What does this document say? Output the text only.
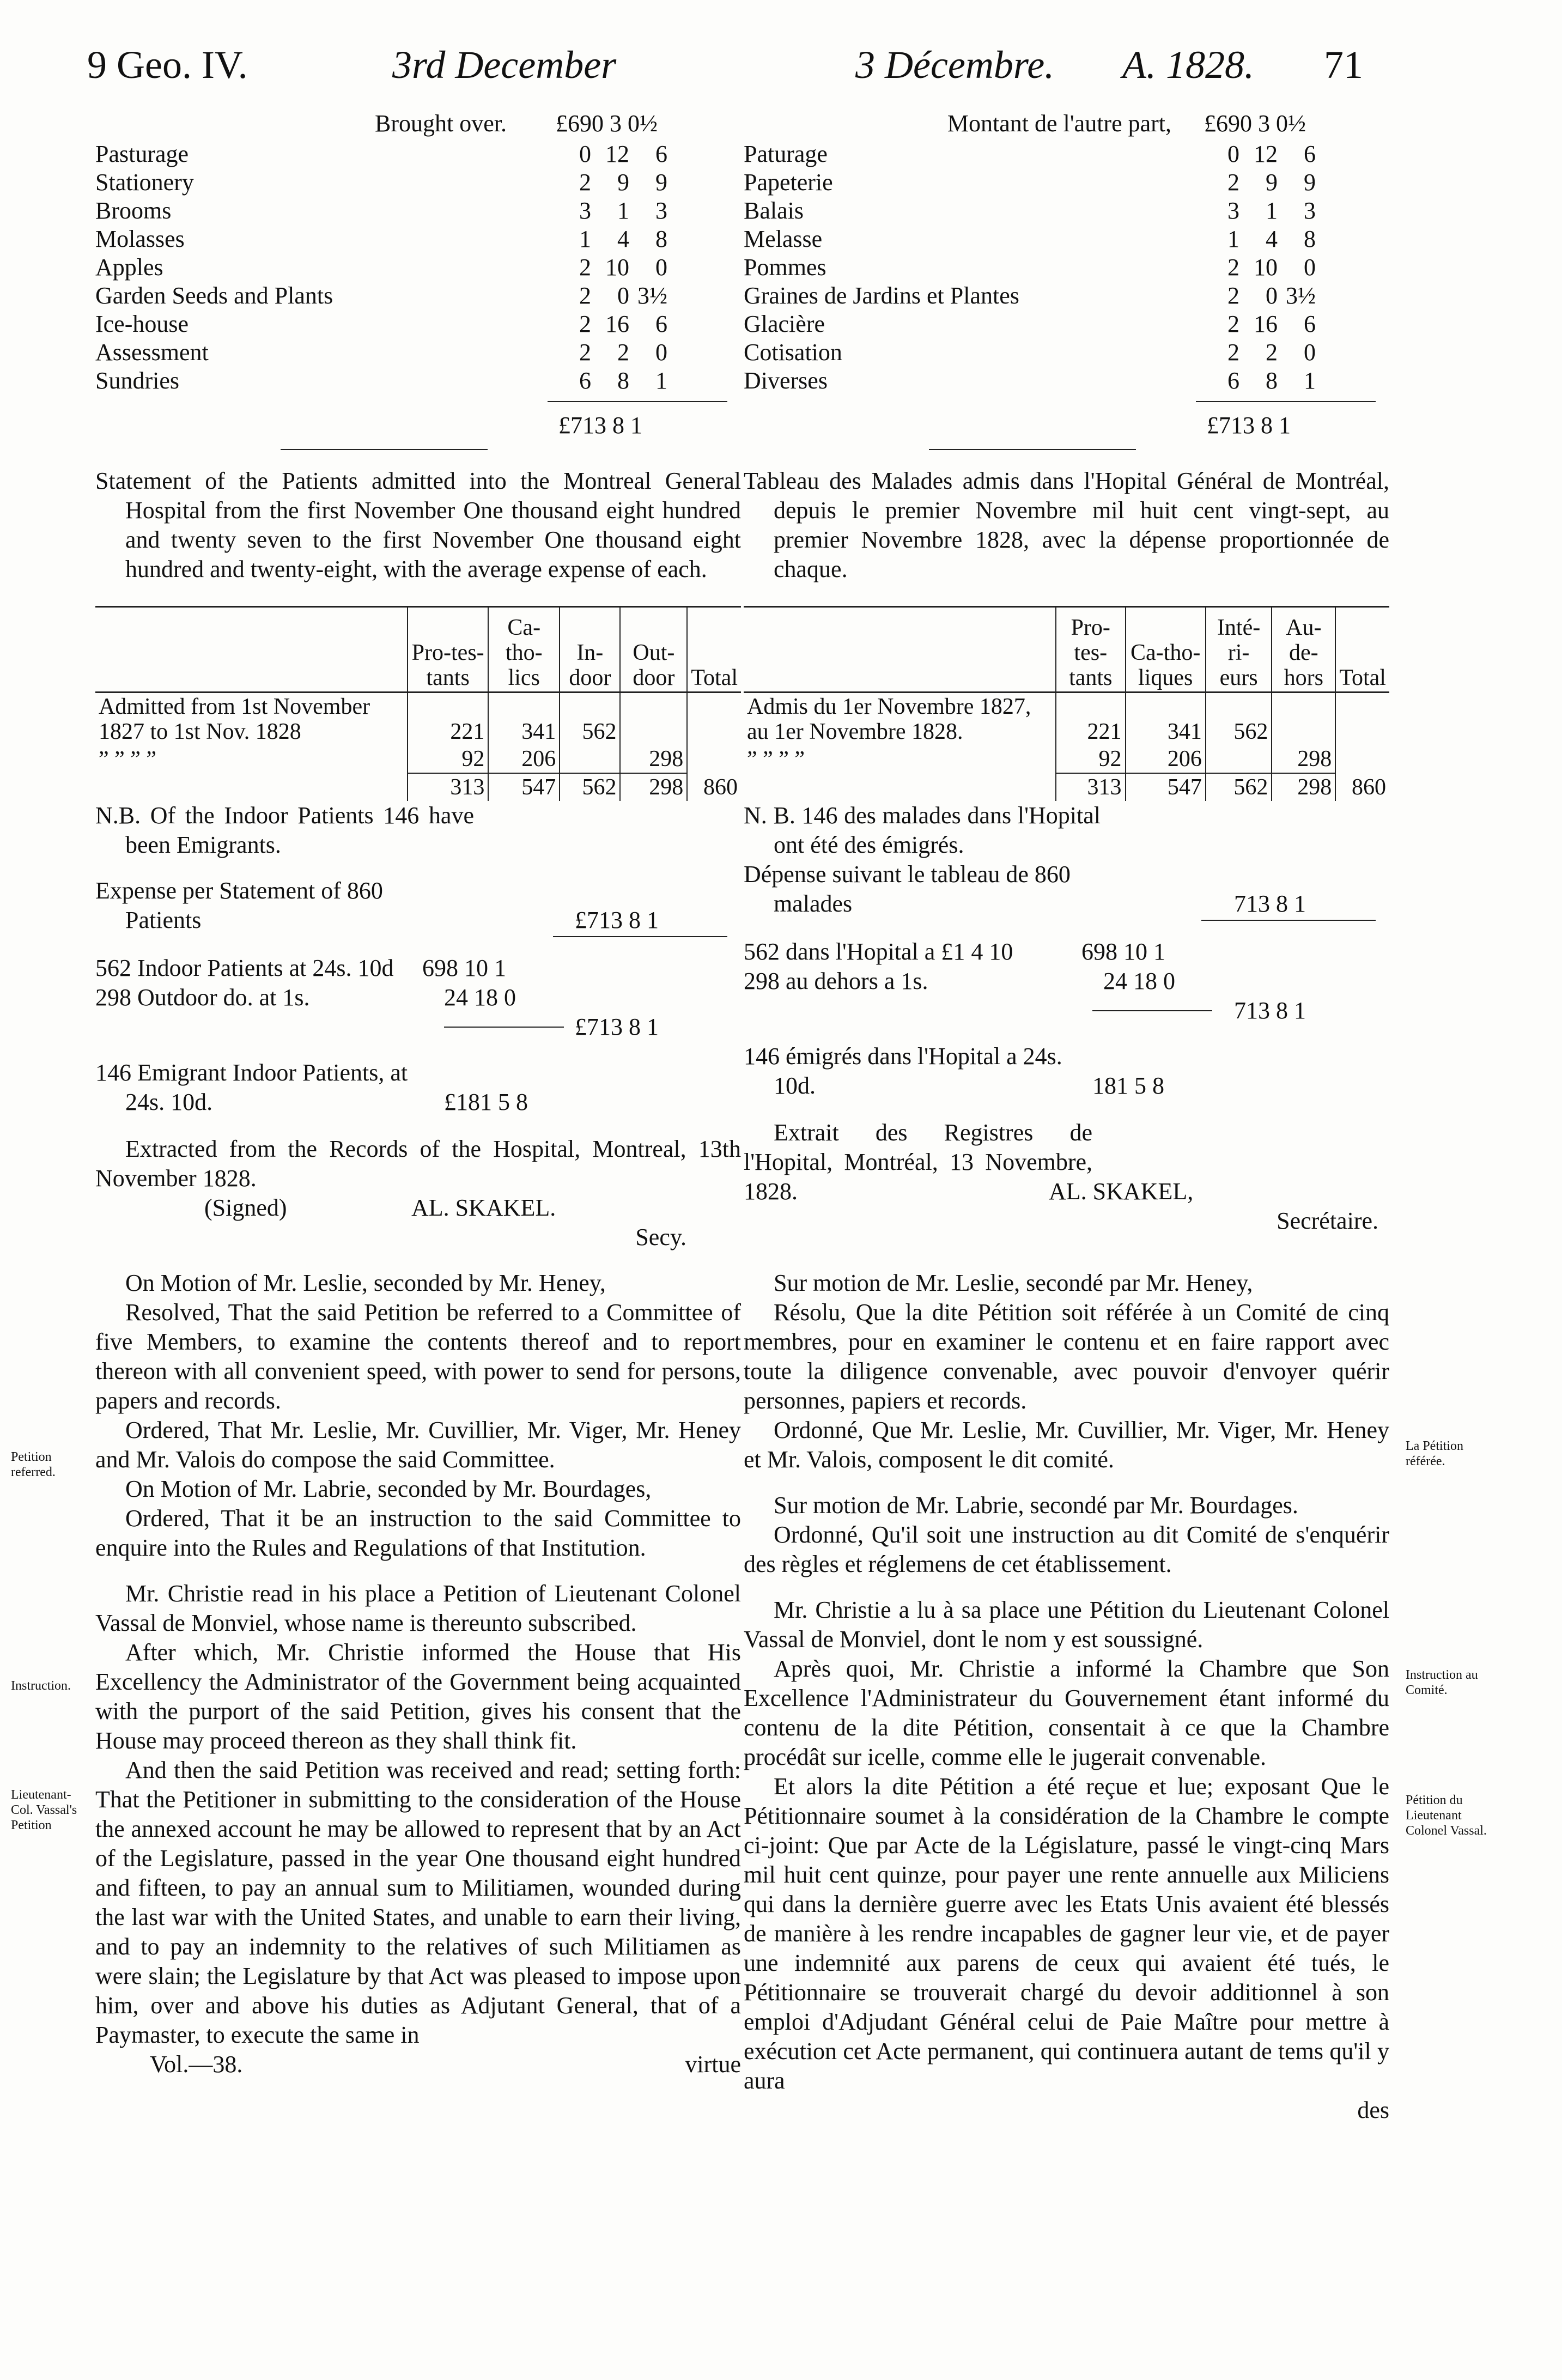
9 Geo. IV.	3rd December	3 Décembre. A. 1828. 71
Brought over. £690 3 0½
Pasturage	0 12	6
Stationery	2	9	9
Brooms	3	1	3
Molasses	1	4	8
Apples	2 10	0
Garden Seeds and Plants	2	0 3½
Ice-house	2 16	6
Assessment	2	2	0
Sundries	6	8	1
£713 8 1

Statement of the Patients admitted into the Montreal General Hospital from the first November One thousand eight hundred and twenty seven to the first November One thousand eight hundred and twenty-eight, with the average expense of each.

	Pro-tes-tants	Ca-tho-lics	In-door	Out-door	Total
Admitted from 1st November 1827 to 1st Nov. 1828	221	341	562		
” ” ” ”	92	206		298	
	313	547	562	298	860

N.B. Of the Indoor Patients 146 have been Emigrants.

Expense per Statement of 860 Patients	£713 8 1
562 Indoor Patients at 24s. 10d 698 10 1
298 Outdoor do. at 1s.	24 18 0
£713 8 1
146 Emigrant Indoor Patients, at 24s. 10d.	£181 5 8

Extracted from the Records of the Hospital, Montreal, 13th November 1828.

(Signed)	AL. SKAKEL.
Secy.

On Motion of Mr. Leslie, seconded by Mr. Heney,

Resolved, That the said Petition be referred to a Committee of five Members, to examine the contents thereof and to report thereon with all convenient speed, with power to send for persons, papers and records.

Ordered, That Mr. Leslie, Mr. Cuvillier, Mr. Viger, Mr. Heney and Mr. Valois do compose the said Committee.

On Motion of Mr. Labrie, seconded by Mr. Bourdages,

Ordered, That it be an instruction to the said Committee to enquire into the Rules and Regulations of that Institution.

Mr. Christie read in his place a Petition of Lieutenant Colonel Vassal de Monviel, whose name is thereunto subscribed.

After which, Mr. Christie informed the House that His Excellency the Administrator of the Government being acquainted with the purport of the said Petition, gives his consent that the House may proceed thereon as they shall think fit.

And then the said Petition was received and read; setting forth: That the Petitioner in submitting to the consideration of the House the annexed account he may be allowed to represent that by an Act of the Legislature, passed in the year One thousand eight hundred and fifteen, to pay an annual sum to Militiamen, wounded during the last war with the United States, and unable to earn their living, and to pay an indemnity to the relatives of such Militiamen as were slain; the Legislature by that Act was pleased to impose upon him, over and above his duties as Adjutant General, that of a Paymaster, to execute the same in

Vol.—38.	virtue
Montant de l'autre part, £690 3 0½
Paturage	0 12	6
Papeterie	2	9	9
Balais	3	1	3
Melasse	1	4	8
Pommes	2 10	0
Graines de Jardins et Plantes	2	0 3½
Glacière	2 16	6
Cotisation	2	2	0
Diverses	6	8	1
£713 8 1

Tableau des Malades admis dans l'Hopital Général de Montréal, depuis le premier Novembre mil huit cent vingt-sept, au premier Novembre 1828, avec la dépense proportionnée de chaque.

	Pro-tes-tants	Ca-tho-liques	Inté-ri-eurs	Au-de-hors	Total
Admis du 1er Novembre 1827, au 1er Novembre 1828.	221	341	562		
” ” ” ”	92	206		298	
	313	547	562	298	860

N. B. 146 des malades dans l'Hopital ont été des émigrés.

Dépense suivant le tableau de 860 malades	713 8 1
562 dans l'Hopital a £1 4 10	698 10 1
298 au dehors a 1s.	24 18 0
713 8 1
146 émigrés dans l'Hopital a 24s. 10d.	181 5 8

Extrait des Registres de l'Hopital, Montréal, 13 Novembre, 1828.	AL. SKAKEL,
Secrétaire.

Sur motion de Mr. Leslie, secondé par Mr. Heney,

Résolu, Que la dite Pétition soit référée à un Comité de cinq membres, pour en examiner le contenu et en faire rapport avec toute la diligence convenable, avec pouvoir d'envoyer quérir personnes, papiers et records.

Ordonné, Que Mr. Leslie, Mr. Cuvillier, Mr. Viger, Mr. Heney et Mr. Valois, composent le dit comité.

Sur motion de Mr. Labrie, secondé par Mr. Bourdages.

Ordonné, Qu'il soit une instruction au dit Comité de s'enquérir des règles et réglemens de cet établissement.

Mr. Christie a lu à sa place une Pétition du Lieutenant Colonel Vassal de Monviel, dont le nom y est soussigné.

Après quoi, Mr. Christie a informé la Chambre que Son Excellence l'Administrateur du Gouvernement étant informé du contenu de la dite Pétition, consentait à ce que la Chambre procédât sur icelle, comme elle le jugerait convenable.

Et alors la dite Pétition a été reçue et lue; exposant Que le Pétitionnaire soumet à la considération de la Chambre le compte ci-joint: Que par Acte de la Législature, passé le vingt-cinq Mars mil huit cent quinze, pour payer une rente annuelle aux Miliciens qui dans la dernière guerre avec les Etats Unis avaient été blessés de manière à les rendre incapables de gagner leur vie, et de payer une indemnité aux parens de ceux qui avaient été tués, le Pétitionnaire se trouverait chargé du devoir additionnel à son emploi d'Adjudant Général celui de Paie Maître pour mettre à exécution cet Acte permanent, qui continuera autant de tems qu'il y aura

des
Petition referred.
Instruction.
Lieutenant-Col. Vassal's Petition
La Pétition référée.
Instruction au Comité.
Pétition du Lieutenant Colonel Vassal.
